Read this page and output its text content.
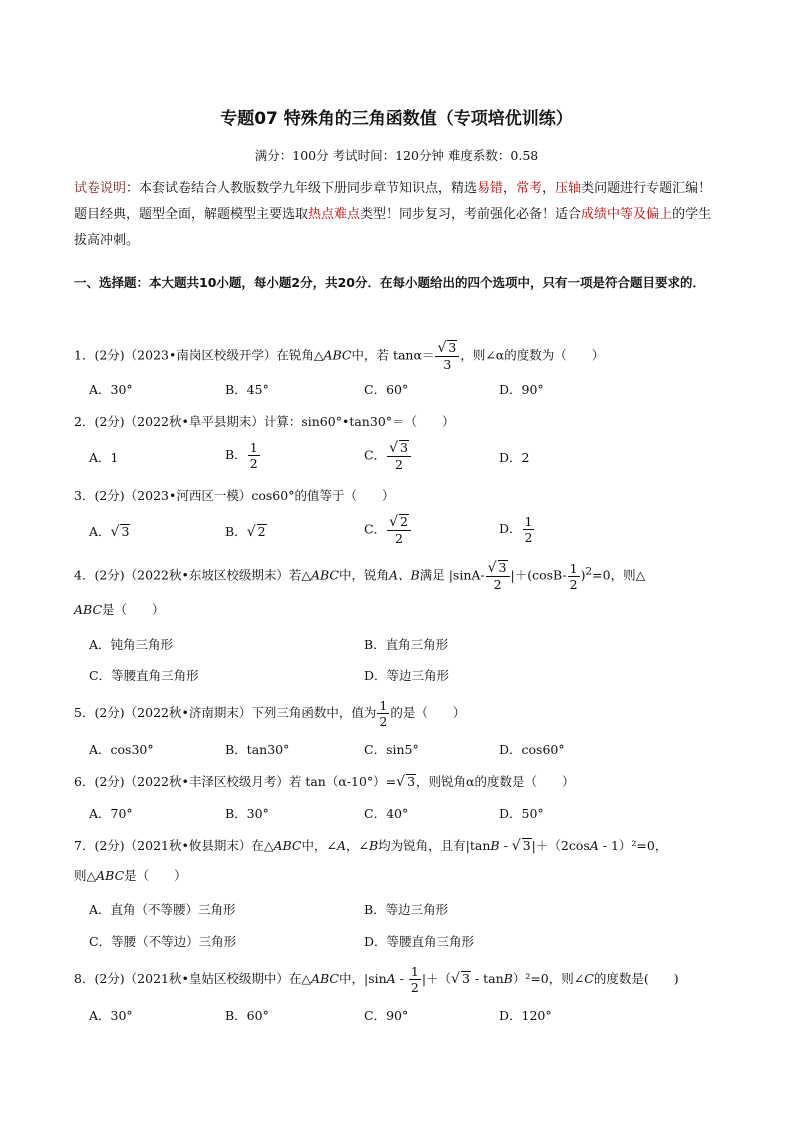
专题07 特殊角的三角函数值（专项培优训练）
满分：100分 考试时间：120分钟 难度系数：0.58
试卷说明：本套试卷结合人教版数学九年级下册同步章节知识点，精选易错，常考，压轴类问题进行专题汇编！题目经典，题型全面，解题模型主要选取热点难点类型！同步复习，考前强化必备！适合成绩中等及偏上的学生拔高冲刺。
一、选择题：本大题共10小题，每小题2分，共20分．在每小题给出的四个选项中，只有一项是符合题目要求的．
1．(2分)（2023•南岗区校级开学）在锐角△ABC中，若 $\tan\alpha= \frac{√ 3}{3}$ ，则∠α的度数为（　　）
A．30°	B．45°	C．60°	D．90°
2．(2分)（2022秋•阜平县期末）计算：sin60°•tan30°＝（　　）
A．1	B． $\frac{1}{2}$	C． $\frac{√ 3}{2}$	D．2
3．(2分)（2023•河西区一模）cos60°的值等于（　　）
A．√ 3	B．√ 2	C． $\frac{√ 2}{2}$	D． $\frac{1}{2}$
4．(2分)（2022秋•东坡区校级期末）若△ABC中，锐角A、B满足 $|\sin A- \frac{√ 3}{2} |+(\cos B- \frac{1}{2} )^2=0$，则△
ABC是（　　）
A．钝角三角形	B．直角三角形
C．等腰直角三角形	D．等边三角形
5．(2分)（2022秋•济南期末）下列三角函数中，值为 $\frac{1}{2}$ 的是（　　）
A．cos30°	B．tan30°	C．sin5°	D．cos60°
6．(2分)（2022秋•丰泽区校级月考）若 tan（α-10°）=√ 3，则锐角α的度数是（　　）
A．70°	B．30°	C．40°	D．50°
7．(2分)（2021秋•攸县期末）在△ABC中，∠A，∠B均为锐角，且有|tanB - √ 3|＋（2cosA - 1）²=0，
则△ABC是（　　）
A．直角（不等腰）三角形	B．等边三角形
C．等腰（不等边）三角形	D．等腰直角三角形
8．(2分)（2021秋•皇姑区校级期中）在△ABC中，$|\sin A - \frac{1}{2}$ |＋（√ 3 - tanB）²=0，则∠C的度数是(　　)
A．30°	B．60°	C．90°	D．120°
